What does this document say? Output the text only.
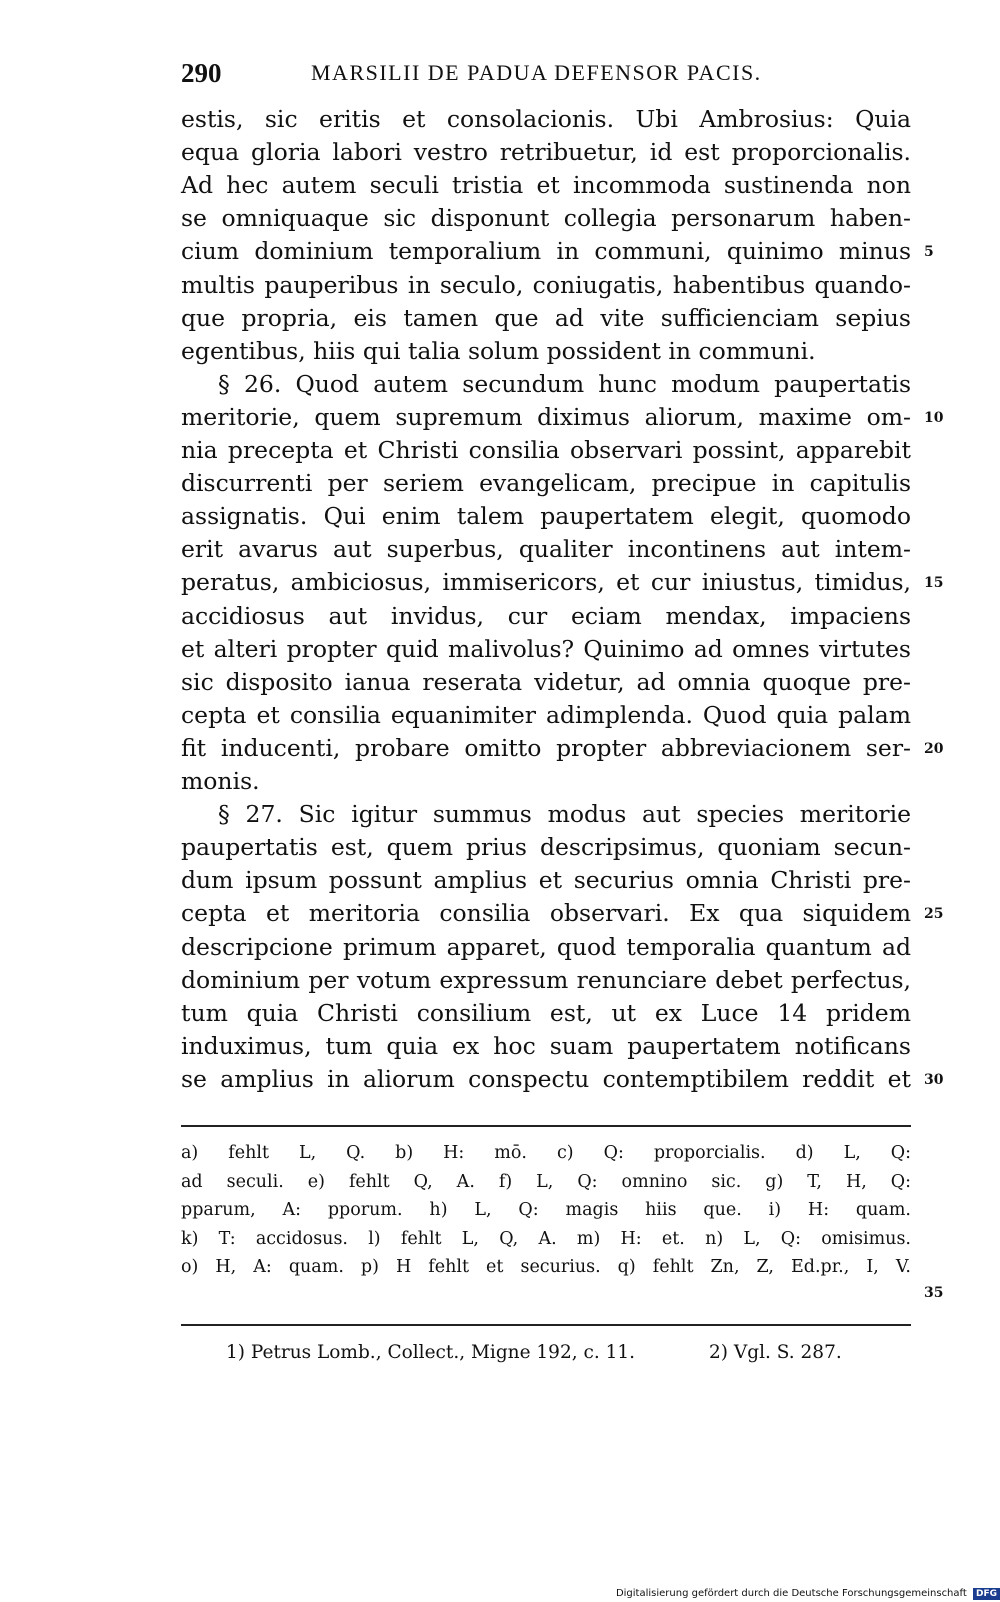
290	MARSILII DE PADUA DEFENSOR PACIS.
estis, sic eritis et consolacionis. Ubi Ambrosius: Quia
equa gloria labori vestro retribuetur, id est proporcionalis.
Ad hec autem seculi tristia et incommoda sustinenda non
se omniquaque sic disponunt collegia personarum haben-
cium dominium temporalium in communi, quinimo minus
multis pauperibus in seculo, coniugatis, habentibus quando-
que propria, eis tamen que ad vite sufficienciam sepius
egentibus, hiis qui talia solum possident in communi.
§ 26. Quod autem secundum hunc modum paupertatis
meritorie, quem supremum diximus aliorum, maxime om-
nia precepta et Christi consilia observari possint, apparebit
discurrenti per seriem evangelicam, precipue in capitulis
assignatis. Qui enim talem paupertatem elegit, quomodo
erit avarus aut superbus, qualiter incontinens aut intem-
peratus, ambiciosus, immisericors, et cur iniustus, timidus,
accidiosus aut invidus, cur eciam mendax, impaciens
et alteri propter quid malivolus? Quinimo ad omnes virtutes
sic disposito ianua reserata videtur, ad omnia quoque pre-
cepta et consilia equanimiter adimplenda. Quod quia palam
fit inducenti, probare omitto propter abbreviacionem ser-
monis.
§ 27. Sic igitur summus modus aut species meritorie
paupertatis est, quem prius descripsimus, quoniam secun-
dum ipsum possunt amplius et securius omnia Christi pre-
cepta et meritoria consilia observari. Ex qua siquidem
descripcione primum apparet, quod temporalia quantum ad
dominium per votum expressum renunciare debet perfectus,
tum quia Christi consilium est, ut ex Luce 14 pridem
induximus, tum quia ex hoc suam paupertatem notificans
se amplius in aliorum conspectu contemptibilem reddit et
5
10
15
20
25
30
a) fehlt L, Q. b) H: mō. c) Q: proporcialis. d) L, Q:
ad seculi. e) fehlt Q, A. f) L, Q: omnino sic. g) T, H, Q:
pparum, A: pporum. h) L, Q: magis hiis que. i) H: quam.
k) T: accidosus. l) fehlt L, Q, A. m) H: et. n) L, Q: omisimus.
o) H, A: quam. p) H fehlt et securius. q) fehlt Zn, Z, Ed.pr., I, V.
35
1) Petrus Lomb., Collect., Migne 192, c. 11.	2) Vgl. S. 287.
Digitalisierung gefördert durch die Deutsche Forschungsgemeinschaft DFG
